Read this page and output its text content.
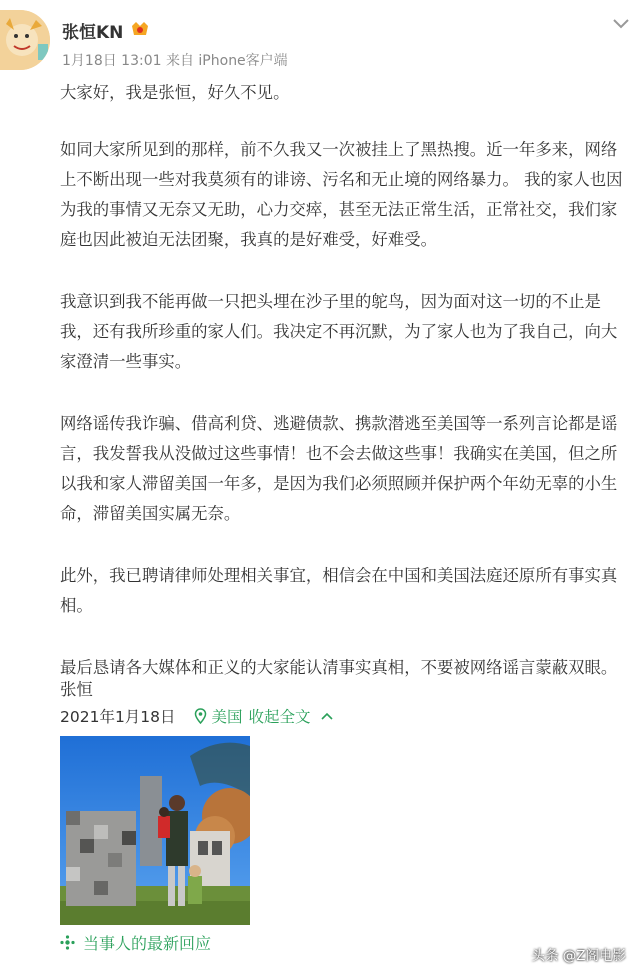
张恒KN
1月18日 13:01 来自 iPhone客户端

大家好，我是张恒，好久不见。

如同大家所见到的那样，前不久我又一次被挂上了黑热搜。近一年多来，网络上不断出现一些对我莫须有的诽谤、污名和无止境的网络暴力。 我的家人也因为我的事情又无奈又无助，心力交瘁，甚至无法正常生活，正常社交，我们家庭也因此被迫无法团聚，我真的是好难受，好难受。

我意识到我不能再做一只把头埋在沙子里的鸵鸟，因为面对这一切的不止是我，还有我所珍重的家人们。我决定不再沉默，为了家人也为了我自己，向大家澄清一些事实。

网络谣传我诈骗、借高利贷、逃避债款、携款潜逃至美国等一系列言论都是谣言，我发誓我从没做过这些事情！也不会去做这些事！我确实在美国，但之所以我和家人滞留美国一年多，是因为我们必须照顾并保护两个年幼无辜的小生命，滞留美国实属无奈。

此外，我已聘请律师处理相关事宜，相信会在中国和美国法庭还原所有事实真相。

最后恳请各大媒体和正义的大家能认清事实真相，不要被网络谣言蒙蔽双眼。

张恒
2021年1月18日 美国 收起全文
当事人的最新回应
头条 @Z阁电影
